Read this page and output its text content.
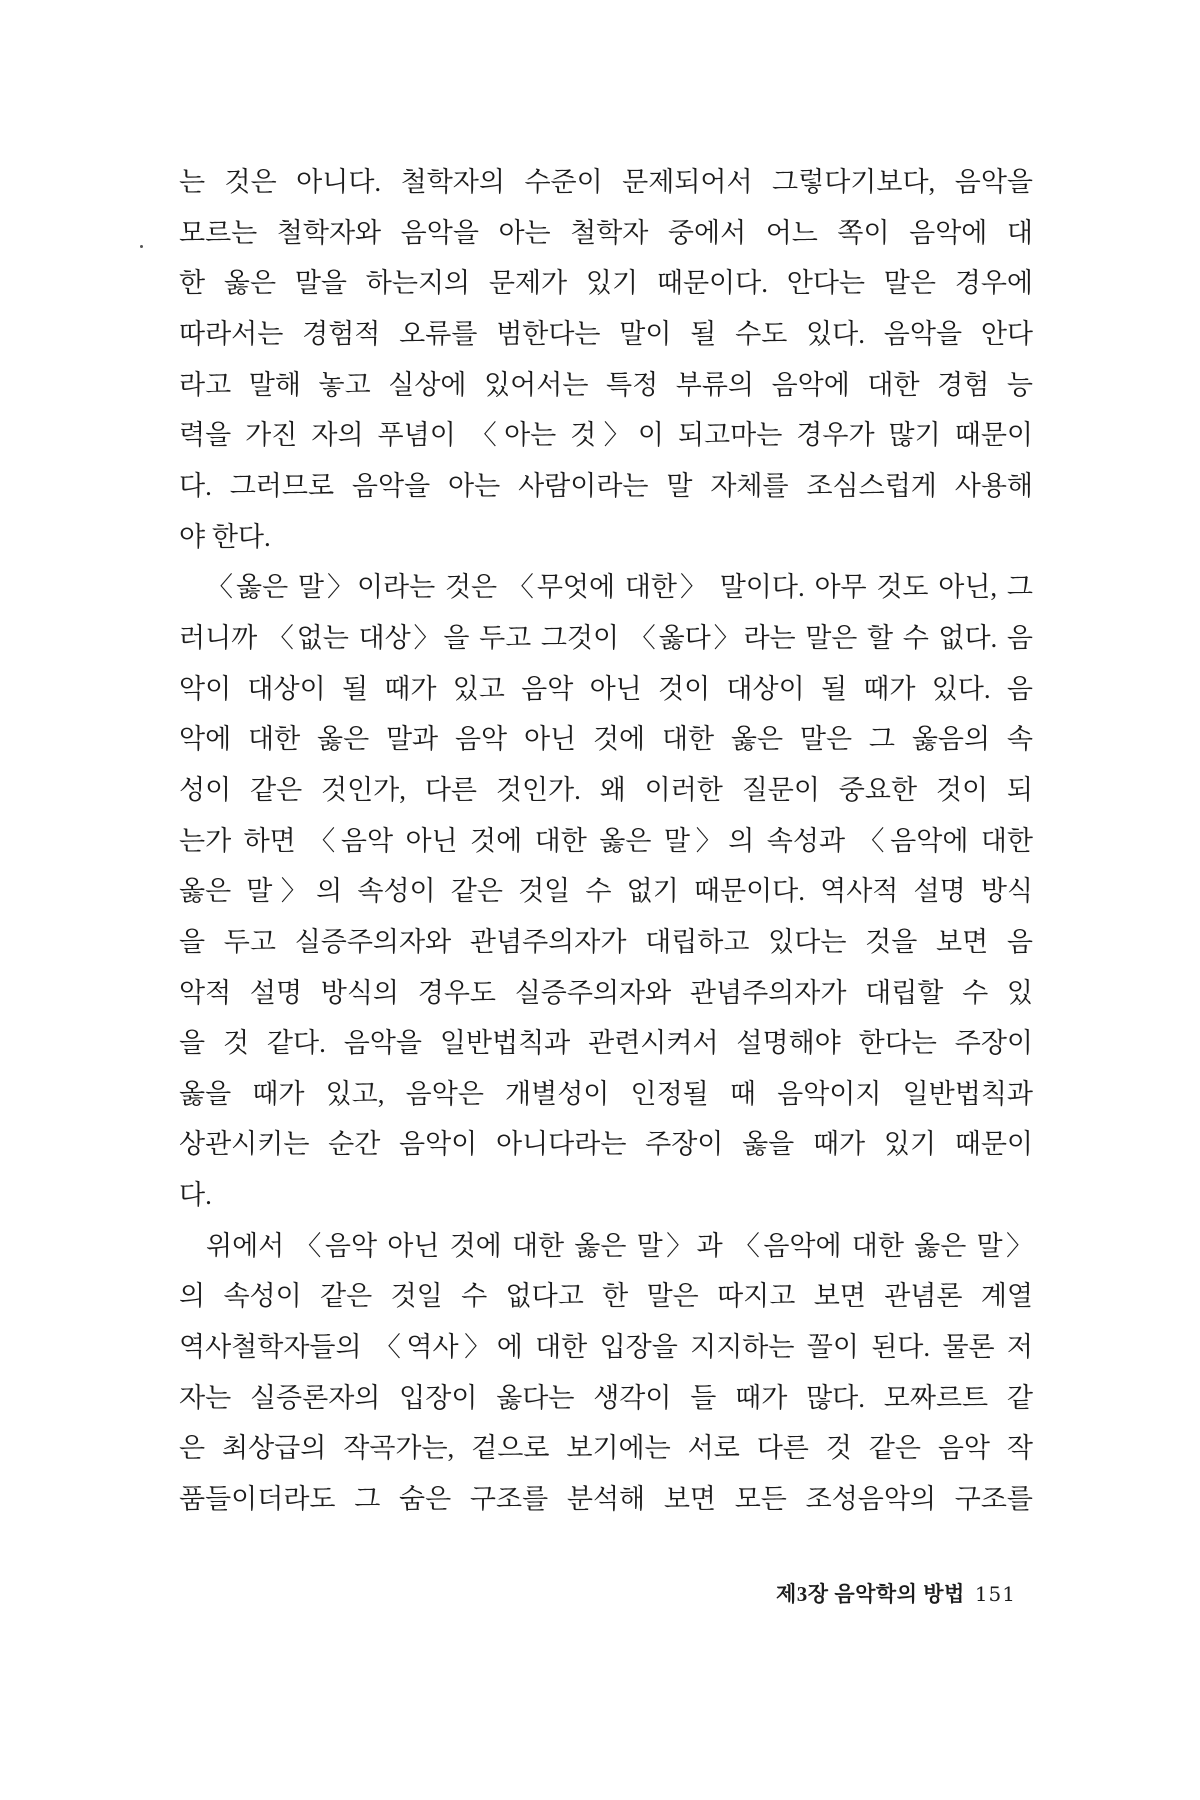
는 것은 아니다. 철학자의 수준이 문제되어서 그렇다기보다, 음악을
모르는 철학자와 음악을 아는 철학자 중에서 어느 쪽이 음악에 대
한 옳은 말을 하는지의 문제가 있기 때문이다. 안다는 말은 경우에
따라서는 경험적 오류를 범한다는 말이 될 수도 있다. 음악을 안다
라고 말해 놓고 실상에 있어서는 특정 부류의 음악에 대한 경험 능
력을 가진 자의 푸념이 〈아는 것〉이 되고마는 경우가 많기 때문이
다. 그러므로 음악을 아는 사람이라는 말 자체를 조심스럽게 사용해
야 한다.
〈옳은 말〉이라는 것은 〈무엇에 대한〉 말이다. 아무 것도 아닌, 그
러니까 〈없는 대상〉을 두고 그것이 〈옳다〉라는 말은 할 수 없다. 음
악이 대상이 될 때가 있고 음악 아닌 것이 대상이 될 때가 있다. 음
악에 대한 옳은 말과 음악 아닌 것에 대한 옳은 말은 그 옳음의 속
성이 같은 것인가, 다른 것인가. 왜 이러한 질문이 중요한 것이 되
는가 하면 〈음악 아닌 것에 대한 옳은 말〉의 속성과 〈음악에 대한
옳은 말〉의 속성이 같은 것일 수 없기 때문이다. 역사적 설명 방식
을 두고 실증주의자와 관념주의자가 대립하고 있다는 것을 보면 음
악적 설명 방식의 경우도 실증주의자와 관념주의자가 대립할 수 있
을 것 같다. 음악을 일반법칙과 관련시켜서 설명해야 한다는 주장이
옳을 때가 있고, 음악은 개별성이 인정될 때 음악이지 일반법칙과
상관시키는 순간 음악이 아니다라는 주장이 옳을 때가 있기 때문이
다.
위에서 〈음악 아닌 것에 대한 옳은 말〉과 〈음악에 대한 옳은 말〉
의 속성이 같은 것일 수 없다고 한 말은 따지고 보면 관념론 계열
역사철학자들의 〈역사〉에 대한 입장을 지지하는 꼴이 된다. 물론 저
자는 실증론자의 입장이 옳다는 생각이 들 때가 많다. 모짜르트 같
은 최상급의 작곡가는, 겉으로 보기에는 서로 다른 것 같은 음악 작
품들이더라도 그 숨은 구조를 분석해 보면 모든 조성음악의 구조를
제3장 음악학의 방법 151
